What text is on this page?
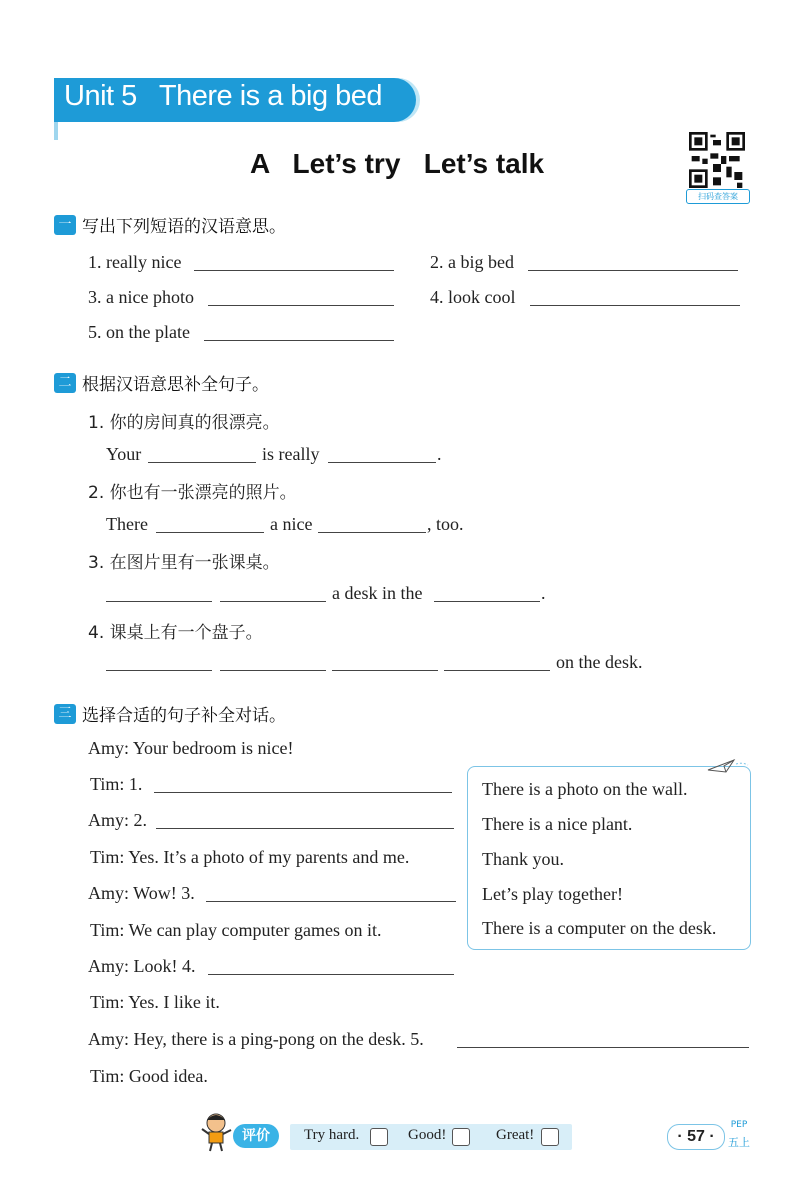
Unit 5   There is a big bed
A   Let’s try   Let’s talk
扫码查答案
一 写出下列短语的汉语意思。
1. really nice	2. a big bed
3. a nice photo	4. look cool
5. on the plate
二 根据汉语意思补全句子。
1. 你的房间真的很漂亮。
Your	is really	.
2. 你也有一张漂亮的照片。
There	a nice	, too.
3. 在图片里有一张课桌。
a desk in the	.
4. 课桌上有一个盘子。
on the desk.
三 选择合适的句子补全对话。
Amy: Your bedroom is nice!
Tim: 1.
Amy: 2.
Tim: Yes. It’s a photo of my parents and me.
Amy: Wow! 3.
Tim: We can play computer games on it.
Amy: Look! 4.
Tim: Yes. I like it.
Amy: Hey, there is a ping-pong on the desk. 5.
Tim: Good idea.
There is a photo on the wall.
There is a nice plant.
Thank you.
Let’s play together!
There is a computer on the desk.
评价	Try hard.	Good!	Great!	· 57 ·
PEP
五上
